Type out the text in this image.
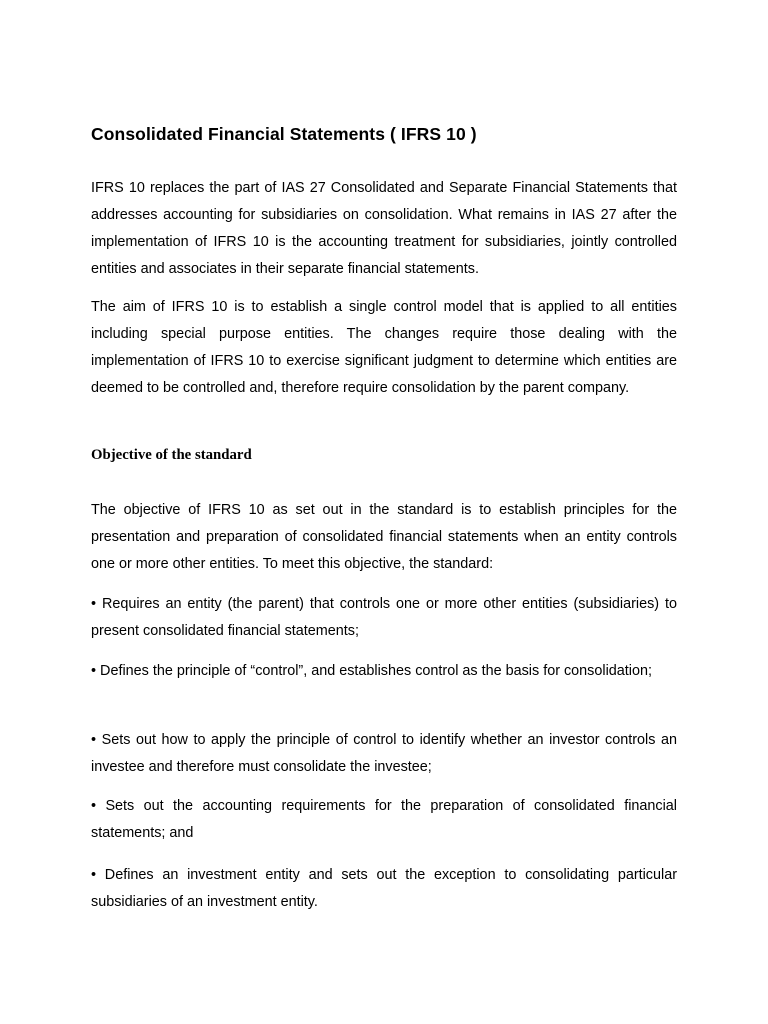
Consolidated Financial Statements ( IFRS 10 )

IFRS 10 replaces the part of IAS 27 Consolidated and Separate Financial Statements that addresses accounting for subsidiaries on consolidation. What remains in IAS 27 after the implementation of IFRS 10 is the accounting treatment for subsidiaries, jointly controlled entities and associates in their separate financial statements.

The aim of IFRS 10 is to establish a single control model that is applied to all entities including special purpose entities. The changes require those dealing with the implementation of IFRS 10 to exercise significant judgment to determine which entities are deemed to be controlled and, therefore require consolidation by the parent company.

Objective of the standard

The objective of IFRS 10 as set out in the standard is to establish principles for the presentation and preparation of consolidated financial statements when an entity controls one or more other entities. To meet this objective, the standard:

• Requires an entity (the parent) that controls one or more other entities (subsidiaries) to present consolidated financial statements;

• Defines the principle of “control”, and establishes control as the basis for consolidation;

• Sets out how to apply the principle of control to identify whether an investor controls an investee and therefore must consolidate the investee;

• Sets out the accounting requirements for the preparation of consolidated financial statements; and

• Defines an investment entity and sets out the exception to consolidating particular subsidiaries of an investment entity.
